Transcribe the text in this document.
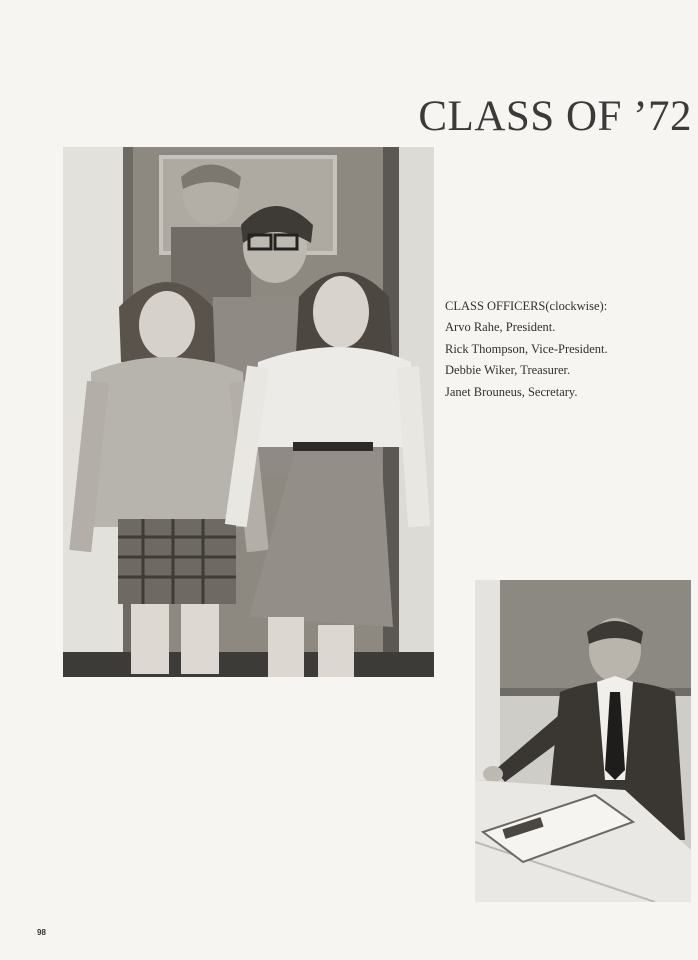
CLASS OF ’72
CLASS OFFICERS(clockwise):
Arvo Rahe, President.
Rick Thompson, Vice-President.
Debbie Wiker, Treasurer.
Janet Brouneus, Secretary.
98
